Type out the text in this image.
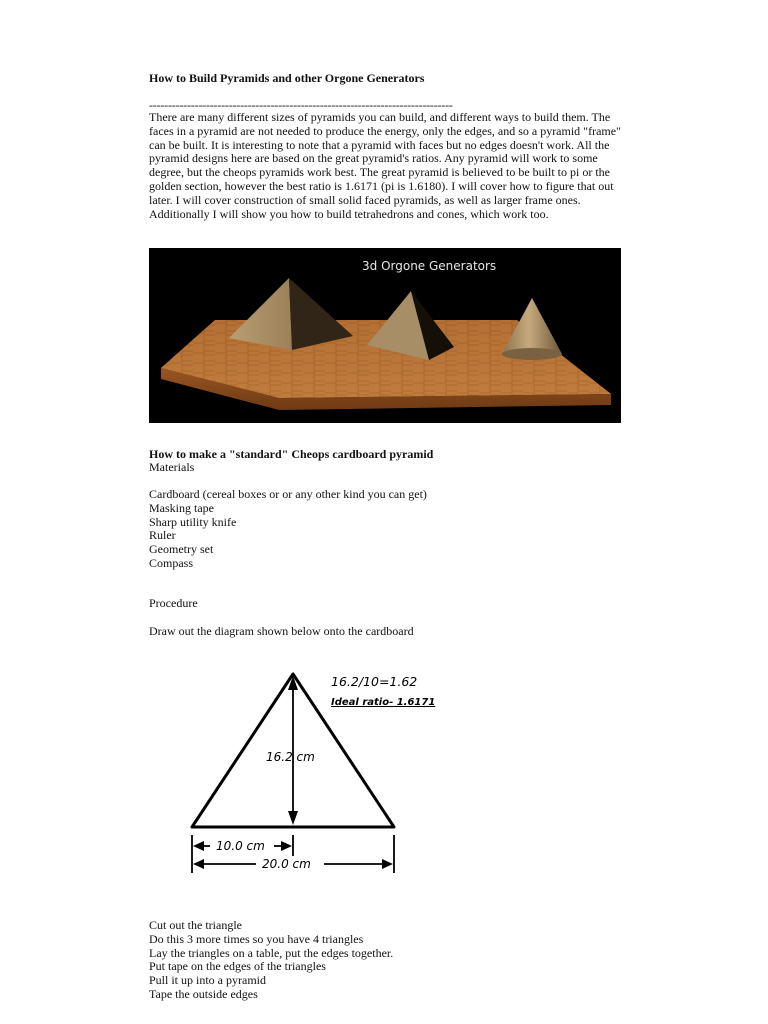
How to Build Pyramids and other Orgone Generators
--------------------------------------------------------------------------------

There are many different sizes of pyramids you can build, and different ways to build them. The faces in a pyramid are not needed to produce the energy, only the edges, and so a pyramid "frame" can be built. It is interesting to note that a pyramid with faces but no edges doesn't work. All the pyramid designs here are based on the great pyramid's ratios. Any pyramid will work to some degree, but the cheops pyramids work best. The great pyramid is believed to be built to pi or the golden section, however the best ratio is 1.6171 (pi is 1.6180). I will cover how to figure that out later. I will cover construction of small solid faced pyramids, as well as larger frame ones. Additionally I will show you how to build tetrahedrons and cones, which work too.

3d Orgone Generators
How to make a "standard" Cheops cardboard pyramid
Materials
Cardboard (cereal boxes or or any other kind you can get)
Masking tape
Sharp utility knife
Ruler
Geometry set
Compass
Procedure
Draw out the diagram shown below onto the cardboard
16.2/10=1.62
Ideal ratio- 1.6171
16.2 cm
10.0 cm
20.0 cm
Cut out the triangle
Do this 3 more times so you have 4 triangles
Lay the triangles on a table, put the edges together.
Put tape on the edges of the triangles
Pull it up into a pyramid
Tape the outside edges
